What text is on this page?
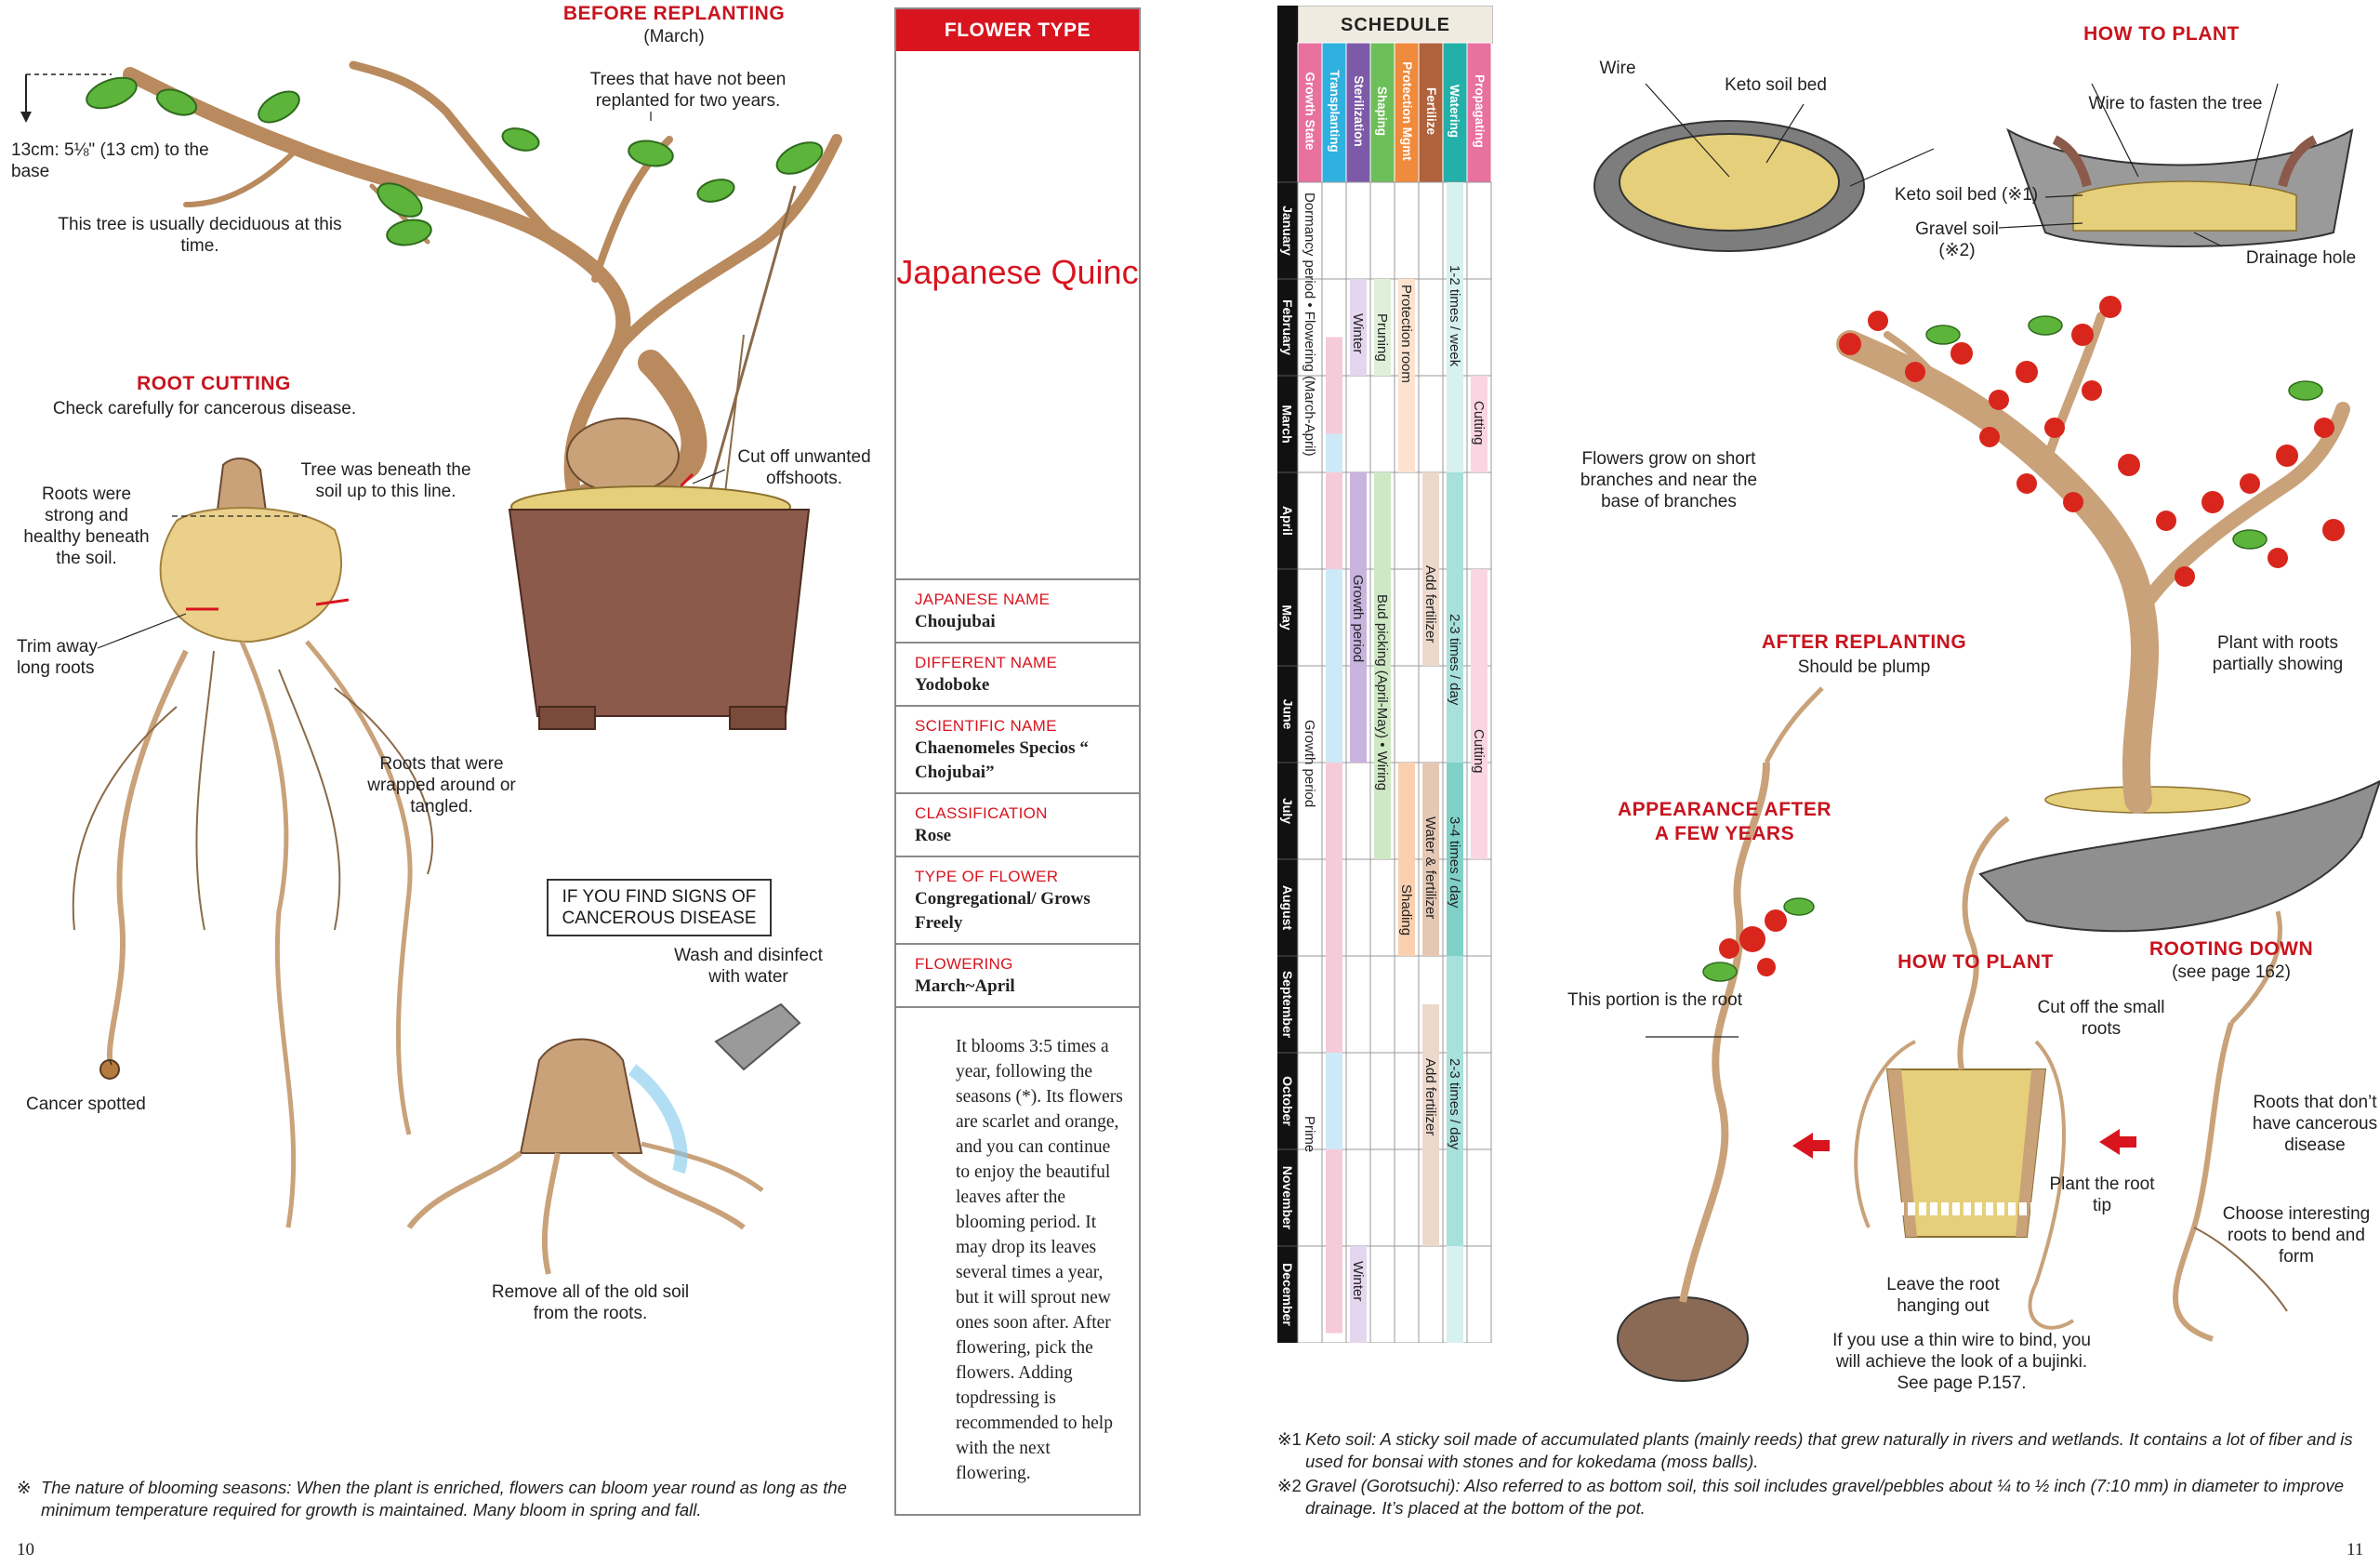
BEFORE REPLANTING
(March)
Trees that have not been replanted for two years.
13cm: 5⅛" (13 cm) to the base
This tree is usually deciduous at this time.
Cut off unwanted offshoots.
ROOT CUTTING
Check carefully for cancerous disease.
Tree was beneath the soil up to this line.
Roots were strong and healthy beneath the soil.
Trim away long roots
Roots that were wrapped around or tangled.
Cancer spotted
IF YOU FIND SIGNS OF CANCEROUS DISEASE
Wash and disinfect with water
Remove all of the old soil from the roots.
※ The nature of blooming seasons: When the plant is enriched, flowers can bloom year round as long as the minimum temperature required for growth is maintained. Many bloom in spring and fall.
10
FLOWER TYPE
Japanese Quinc
JAPANESE NAME
Choujubai
DIFFERENT NAME
Yodoboke
SCIENTIFIC NAME
Chaenomeles Specios “ Chojubai”
CLASSIFICATION
Rose
TYPE OF FLOWER
Congregational/ Grows Freely
FLOWERING
March~April
It blooms 3:5 times a year, following the seasons (*). Its flowers are scarlet and orange, and you can continue to enjoy the beautiful leaves after the blooming period. It may drop its leaves several times a year, but it will sprout new ones soon after. After flowering, pick the flowers. Adding topdressing is recommended to help with the next flowering.
SCHEDULE
Growth State Transplanting Sterilization Shaping Protection Mgmt Fertilize Watering Propagating
January
February
March
April
May
June
July
August
September
October
November
December
Dormancy period • Flowering (March-April)
Growth period
Prime
Winter
Growth period
Winter
Pruning
Bud picking (April-May) • Wiring
Protection room
Shading
Add fertilizer
Water & fertilizer
Add fertilizer
1-2 times / week
2-3 times / day
3-4 times / day
2-3 times / day
Cutting
Cutting
HOW TO PLANT
Wire
Keto soil bed
Wire to fasten the tree
Keto soil bed (※1)
Gravel soil (※2)	Drainage hole
Flowers grow on short branches and near the base of branches
AFTER REPLANTING
Should be plump
Plant with roots partially showing
APPEARANCE AFTER A FEW YEARS
This portion is the root
HOW TO PLANT
ROOTING DOWN
(see page 162)
Cut off the small roots
Plant the root tip
Roots that don’t have cancerous disease
Choose interesting roots to bend and form
Leave the root hanging out
If you use a thin wire to bind, you will achieve the look of a bujinki. See page P.157.
※1 Keto soil: A sticky soil made of accumulated plants (mainly reeds) that grew naturally in rivers and wetlands. It contains a lot of fiber and is used for bonsai with stones and for kokedama (moss balls).
※2 Gravel (Gorotsuchi): Also referred to as bottom soil, this soil includes gravel/pebbles about ¼ to ½ inch (7:10 mm) in diameter to improve drainage. It’s placed at the bottom of the pot.
11
